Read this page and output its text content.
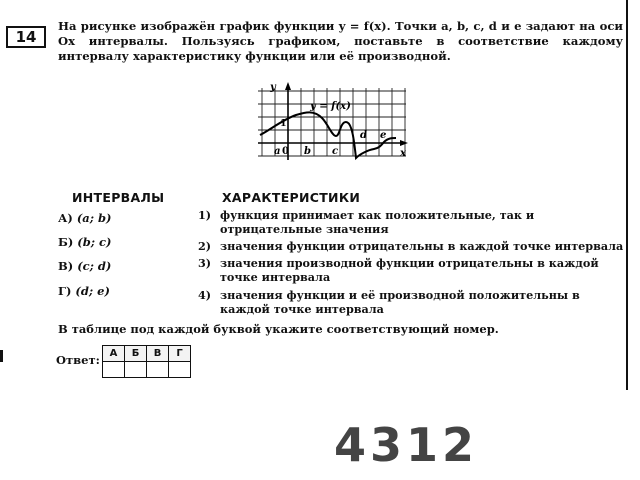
14
На рисунке изображён график функции y = f(x). Точки a, b, c, d и e задают на оси Ox интервалы. Пользуясь графиком, поставьте в соответствие каждому интервалу характеристику функции или её производной.
y
y = f(x)
1
x
a 0 b c
d e
ИНТЕРВАЛЫ	ХАРАКТЕРИСТИКИ
А) (a; b)
Б) (b; c)
В) (c; d)
Г) (d; e)
1) функция принимает как положительные, так и отрицательные значения
2) значения функции отрицательны в каждой точке интервала
3) значения производной функции отрицательны в каждой точке интервала
4) значения функции и её производной положительны в каждой точке интервала
В таблице под каждой буквой укажите соответствующий номер.
Ответ: А	Б	В	Г

4312
